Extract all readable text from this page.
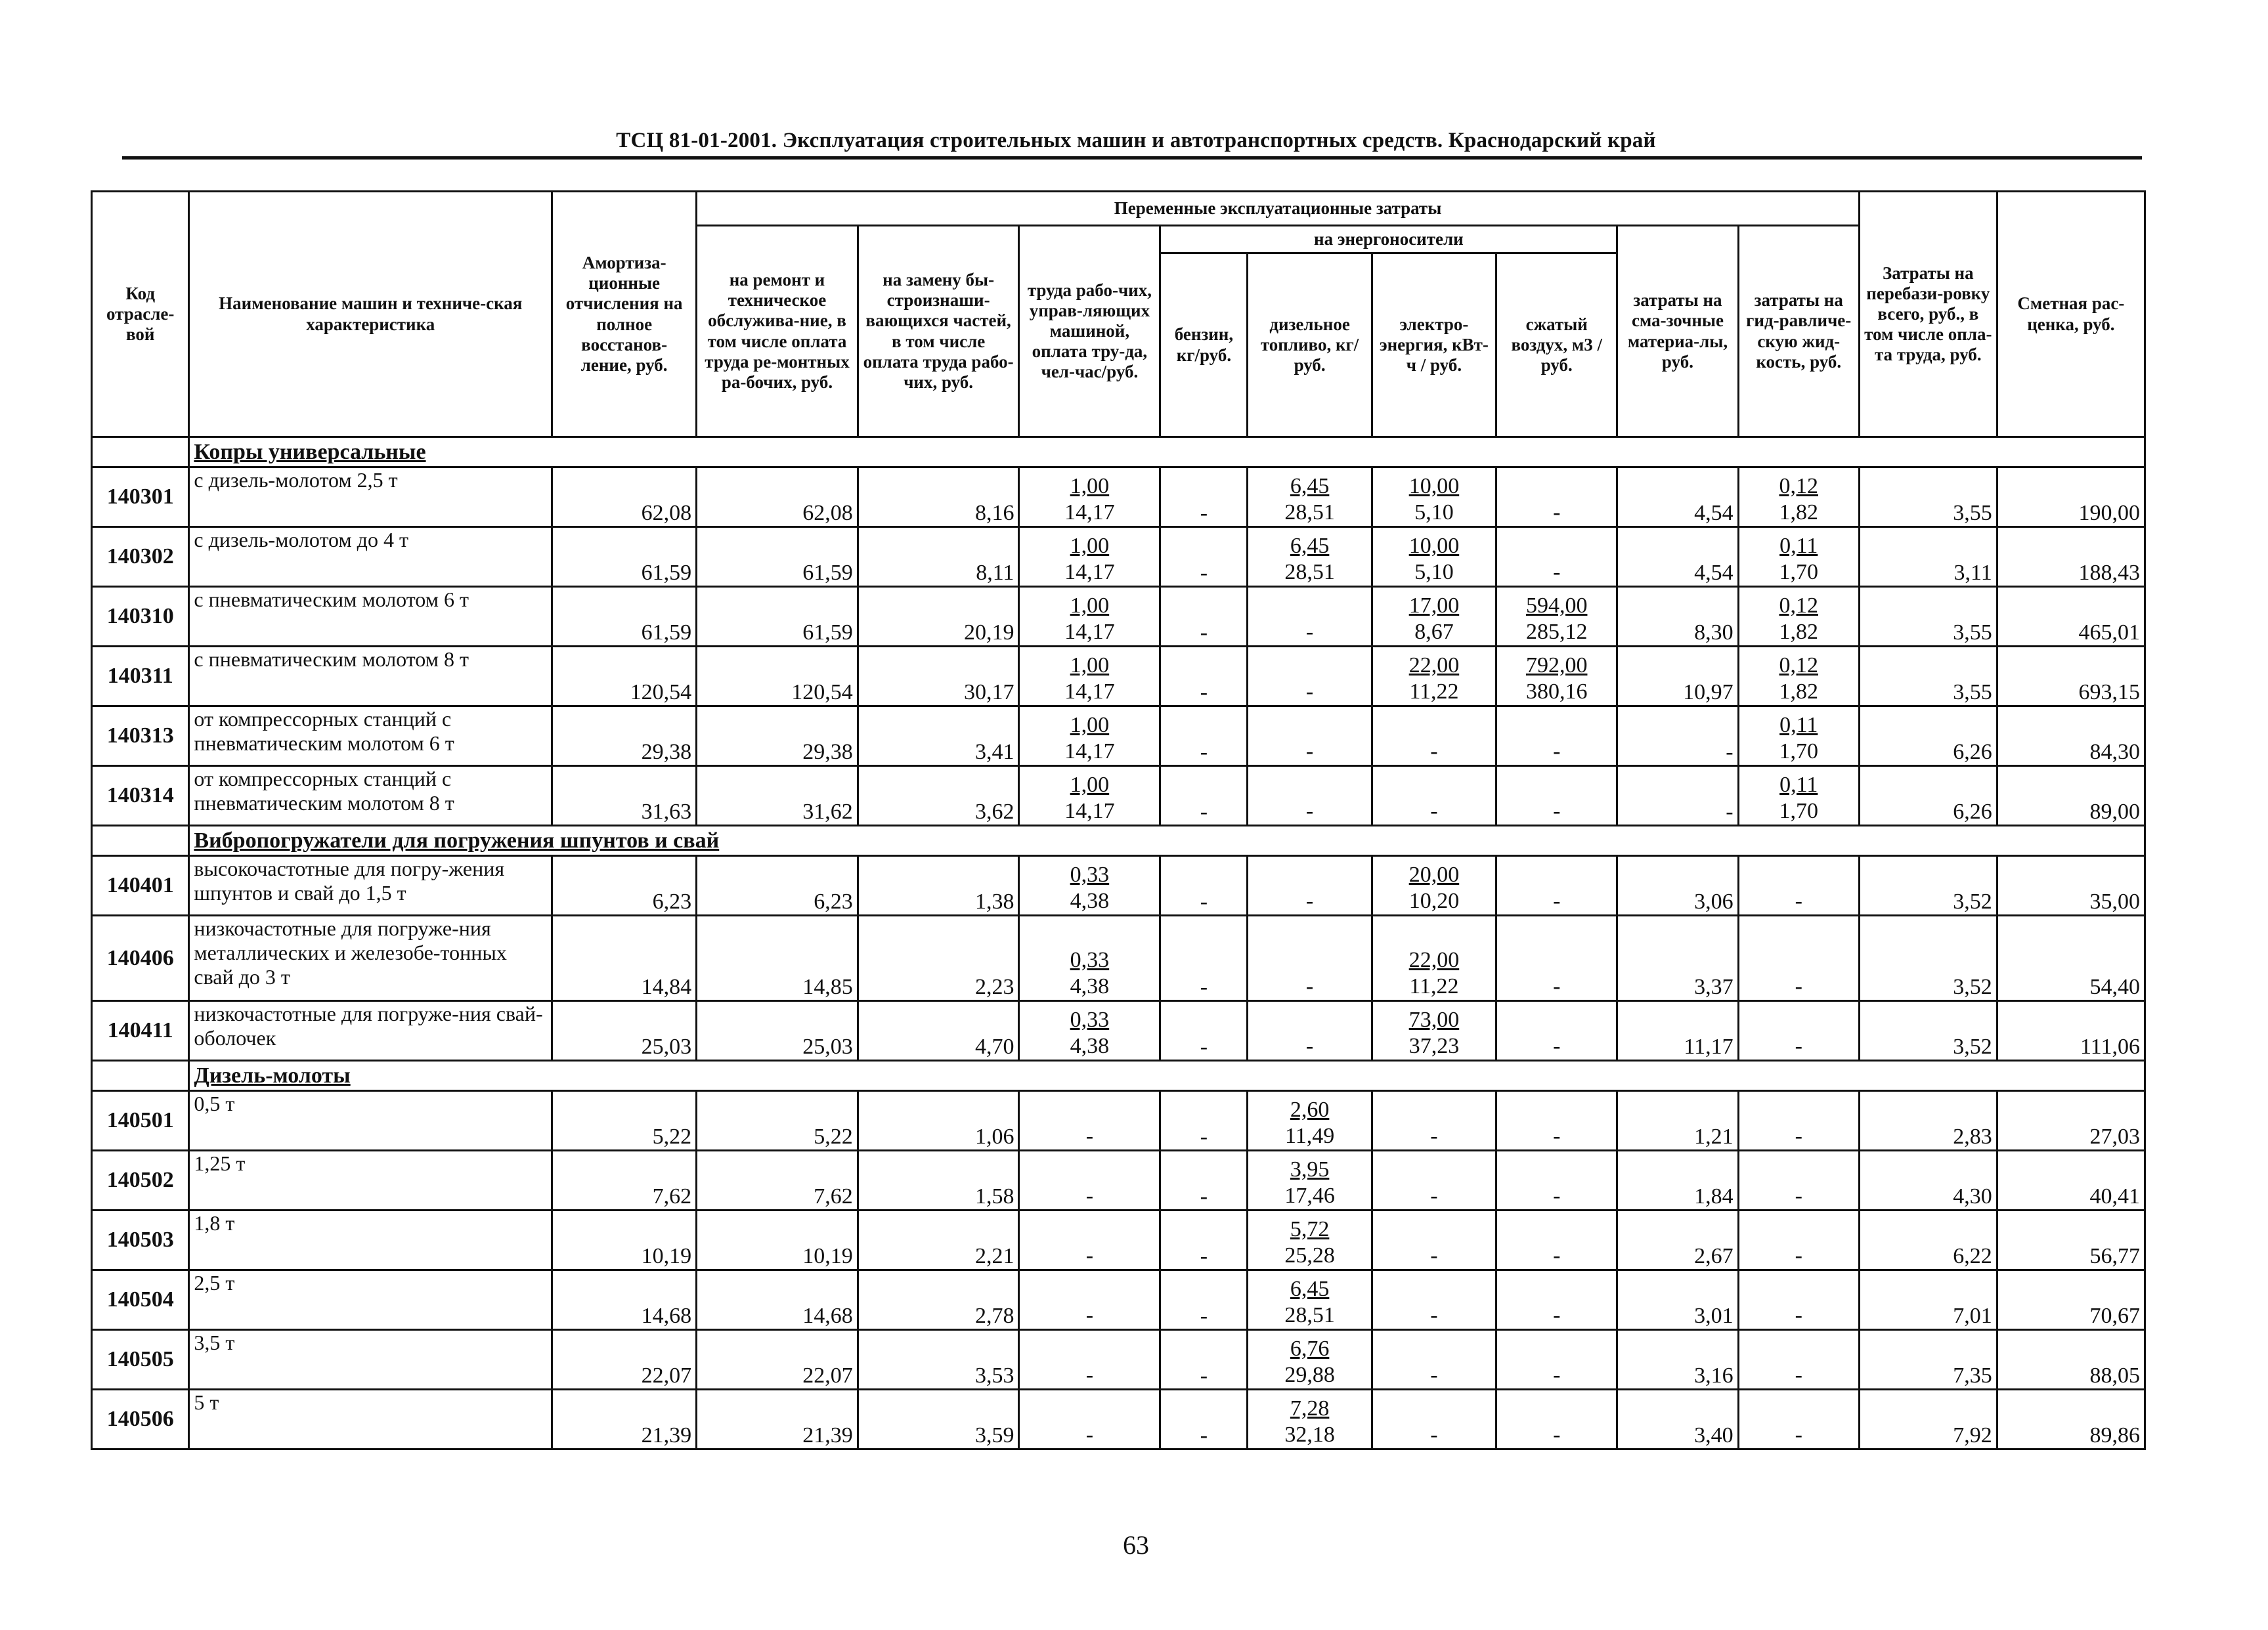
ТСЦ 81-01-2001. Эксплуатация строительных машин и автотранспортных средств. Краснодарский край
Код отрасле-вой	Наименование машин и техниче-ская характеристика	Амортиза-ционные отчисления на полное восстанов-ление, руб.	Переменные эксплуатационные затраты									Затраты на перебази-ровку всего, руб., в том числе опла-та труда, руб.	Сметная рас-ценка, руб.
			на ремонт и техническое обслужива-ние, в том числе оплата труда ре-монтных ра-бочих, руб.	на замену бы-строизнаши-вающихся частей, в том числе оплата труда рабо-чих, руб.	труда рабо-чих, управ-ляющих машиной, оплата тру-да, чел-час/руб.	на энергоносители				затраты на сма-зочные материа-лы, руб.	затраты на гид-равличе-скую жид-кость, руб.		
						бензин, кг/руб.	дизельное топливо, кг/руб.	электро-энергия, кВт-ч / руб.	сжатый воздух, м3 / руб.				
	Копры универсальные												
140301	с дизель-молотом 2,5 т	62,08	62,08	8,16	$\frac{1,00}{14,17}$	-	$\frac{6,45}{28,51}$	$\frac{10,00}{5,10}$	-	4,54	$\frac{0,12}{1,82}$	3,55	190,00
140302	с дизель-молотом до 4 т	61,59	61,59	8,11	$\frac{1,00}{14,17}$	-	$\frac{6,45}{28,51}$	$\frac{10,00}{5,10}$	-	4,54	$\frac{0,11}{1,70}$	3,11	188,43
140310	с пневматическим молотом 6 т	61,59	61,59	20,19	$\frac{1,00}{14,17}$	-	-	$\frac{17,00}{8,67}$	$\frac{594,00}{285,12}$	8,30	$\frac{0,12}{1,82}$	3,55	465,01
140311	с пневматическим молотом 8 т	120,54	120,54	30,17	$\frac{1,00}{14,17}$	-	-	$\frac{22,00}{11,22}$	$\frac{792,00}{380,16}$	10,97	$\frac{0,12}{1,82}$	3,55	693,15
140313	от компрессорных станций с пневматическим молотом 6 т	29,38	29,38	3,41	$\frac{1,00}{14,17}$	-	-	-	-	-	$\frac{0,11}{1,70}$	6,26	84,30
140314	от компрессорных станций с пневматическим молотом 8 т	31,63	31,62	3,62	$\frac{1,00}{14,17}$	-	-	-	-	-	$\frac{0,11}{1,70}$	6,26	89,00
	Вибропогружатели для погружения шпунтов и свай												
140401	высокочастотные для погру-жения шпунтов и свай до 1,5 т	6,23	6,23	1,38	$\frac{0,33}{4,38}$	-	-	$\frac{20,00}{10,20}$	-	3,06	-	3,52	35,00
140406	низкочастотные для погруже-ния металлических и железобе-тонных свай до 3 т	14,84	14,85	2,23	$\frac{0,33}{4,38}$	-	-	$\frac{22,00}{11,22}$	-	3,37	-	3,52	54,40
140411	низкочастотные для погруже-ния свай-оболочек	25,03	25,03	4,70	$\frac{0,33}{4,38}$	-	-	$\frac{73,00}{37,23}$	-	11,17	-	3,52	111,06
	Дизель-молоты												
140501	0,5 т	5,22	5,22	1,06	-	-	$\frac{2,60}{11,49}$	-	-	1,21	-	2,83	27,03
140502	1,25 т	7,62	7,62	1,58	-	-	$\frac{3,95}{17,46}$	-	-	1,84	-	4,30	40,41
140503	1,8 т	10,19	10,19	2,21	-	-	$\frac{5,72}{25,28}$	-	-	2,67	-	6,22	56,77
140504	2,5 т	14,68	14,68	2,78	-	-	$\frac{6,45}{28,51}$	-	-	3,01	-	7,01	70,67
140505	3,5 т	22,07	22,07	3,53	-	-	$\frac{6,76}{29,88}$	-	-	3,16	-	7,35	88,05
140506	5 т	21,39	21,39	3,59	-	-	$\frac{7,28}{32,18}$	-	-	3,40	-	7,92	89,86
63
